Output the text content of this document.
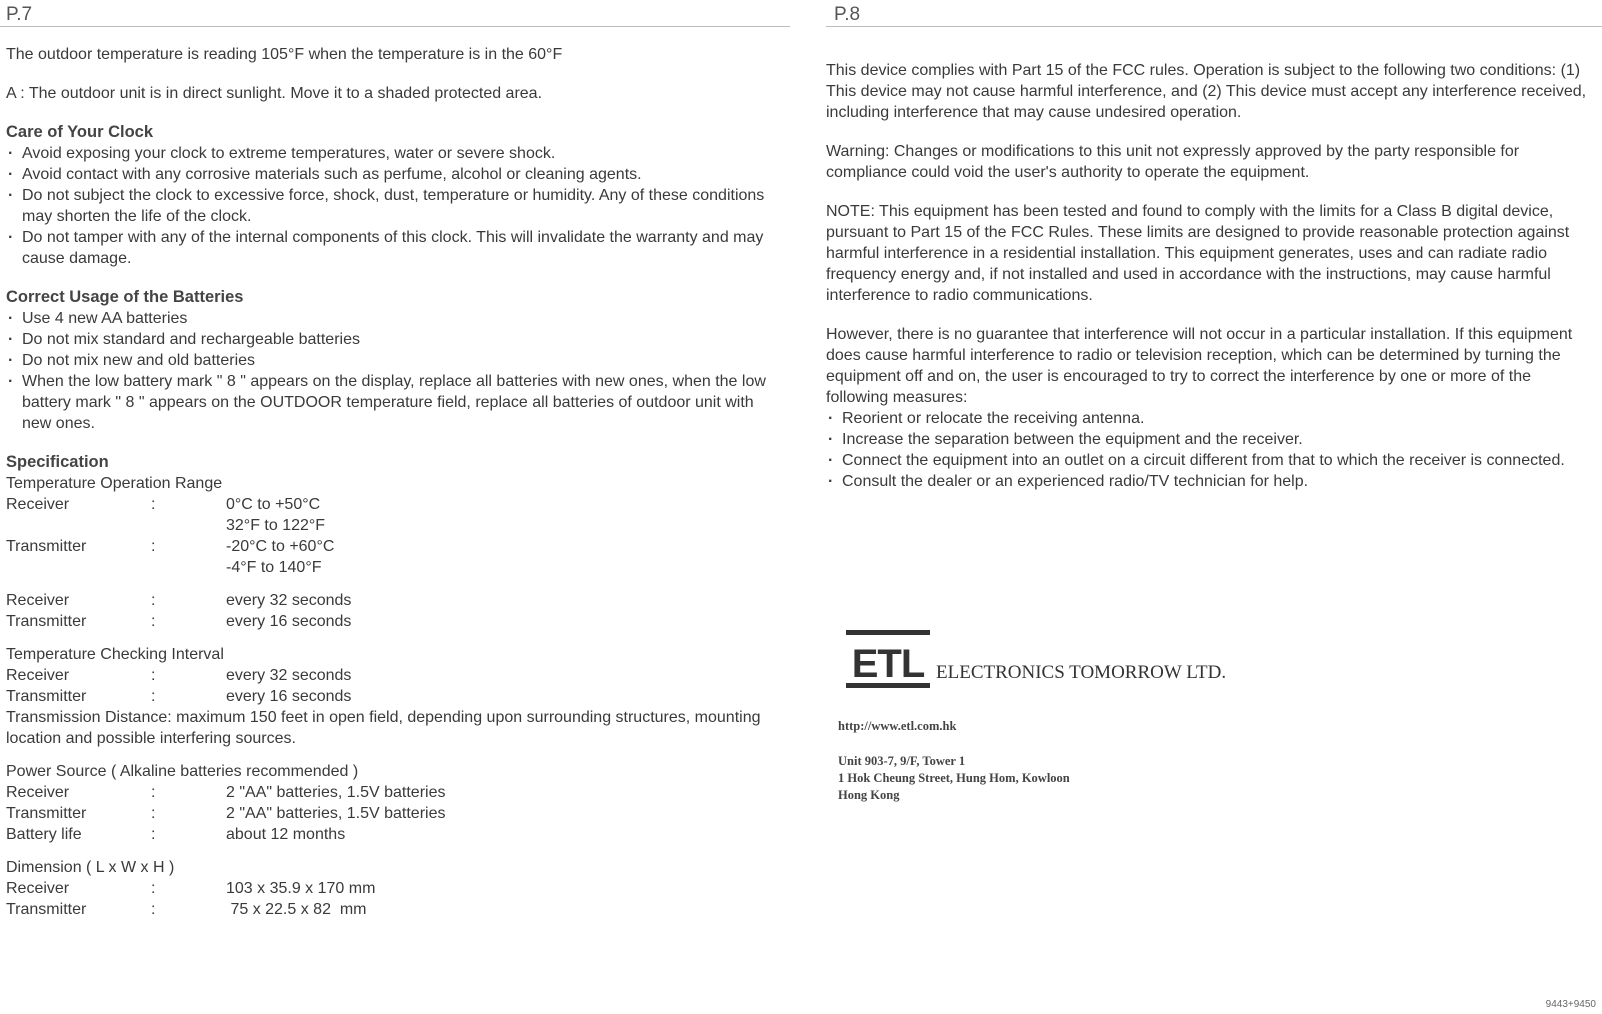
P.7

The outdoor temperature is reading 105°F when the temperature is in the 60°F

A : The outdoor unit is in direct sunlight. Move it to a shaded protected area.

Care of Your Clock

· Avoid exposing your clock to extreme temperatures, water or severe shock.
· Avoid contact with any corrosive materials such as perfume, alcohol or cleaning agents.
· Do not subject the clock to excessive force, shock, dust, temperature or humidity. Any of these conditions may shorten the life of the clock.
· Do not tamper with any of the internal components of this clock. This will invalidate the warranty and may cause damage.

Correct Usage of the Batteries

· Use 4 new AA batteries
· Do not mix standard and rechargeable batteries
· Do not mix new and old batteries
· When the low battery mark " 8 " appears on the display, replace all batteries with new ones, when the low battery mark " 8 " appears on the OUTDOOR temperature field, replace all batteries of outdoor unit with new ones.

Specification

Temperature Operation Range

Receiver	:	0°C to +50°C
32°F to 122°F
Transmitter	:	-20°C to +60°C
-4°F to 140°F
Receiver	:	every 32 seconds
Transmitter	:	every 16 seconds

Temperature Checking Interval

Receiver	:	every 32 seconds
Transmitter	:	every 16 seconds

Transmission Distance: maximum 150 feet in open field, depending upon surrounding structures, mounting location and possible interfering sources.

Power Source ( Alkaline batteries recommended )

Receiver	:	2 "AA" batteries, 1.5V batteries
Transmitter	:	2 "AA" batteries, 1.5V batteries
Battery life	:	about 12 months

Dimension ( L x W x H )

Receiver	:	103 x 35.9 x 170 mm
Transmitter	:	75 x 22.5 x 82  mm
P.8

This device complies with Part 15 of the FCC rules. Operation is subject to the following two conditions: (1) This device may not cause harmful interference, and (2) This device must accept any interference received, including interference that may cause undesired operation.

Warning: Changes or modifications to this unit not expressly approved by the party responsible for compliance could void the user's authority to operate the equipment.

NOTE: This equipment has been tested and found to comply with the limits for a Class B digital device, pursuant to Part 15 of the FCC Rules. These limits are designed to provide reasonable protection against harmful interference in a residential installation. This equipment generates, uses and can radiate radio frequency energy and, if not installed and used in accordance with the instructions, may cause harmful interference to radio communications.

However, there is no guarantee that interference will not occur in a particular installation. If this equipment does cause harmful interference to radio or television reception, which can be determined by turning the equipment off and on, the user is encouraged to try to correct the interference by one or more of the following measures:

· Reorient or relocate the receiving antenna.
· Increase the separation between the equipment and the receiver.
· Connect the equipment into an outlet on a circuit different from that to which the receiver is connected.
· Consult the dealer or an experienced radio/TV technician for help.
ETL ELECTRONICS TOMORROW LTD.
http://www.etl.com.hk
Unit 903-7, 9/F, Tower 1
1 Hok Cheung Street, Hung Hom, Kowloon
Hong Kong
9443+9450
